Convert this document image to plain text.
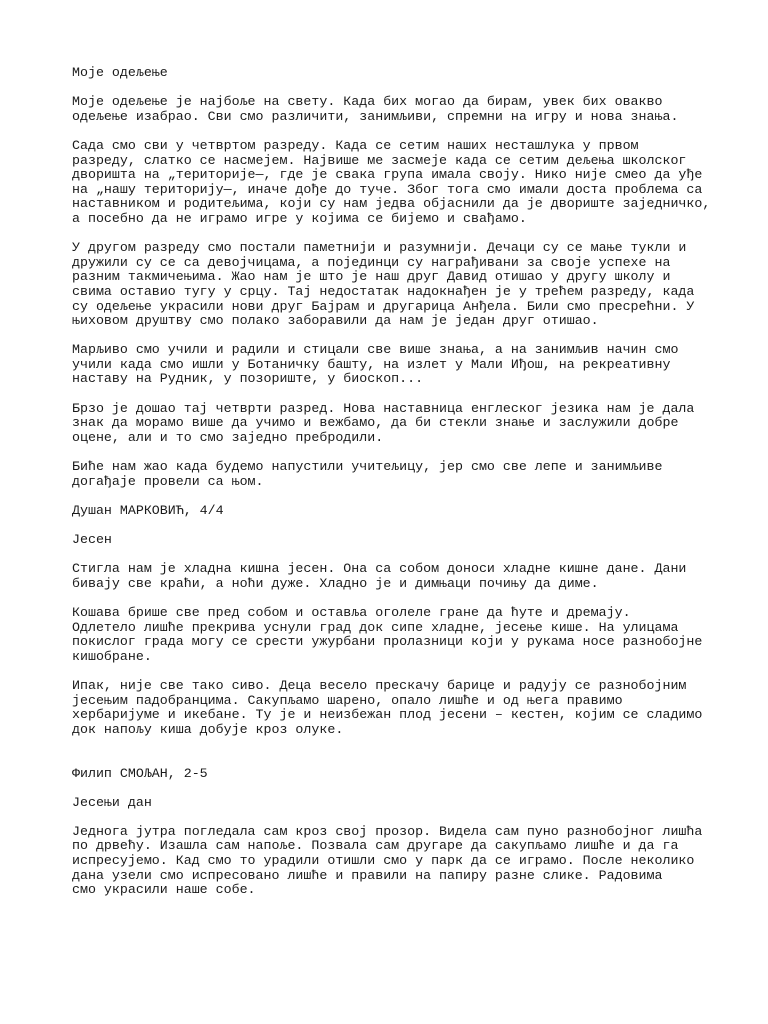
Моје одељење
Моје одељење је најбоље на свету. Када бих могао да бирам, увек бих овакво
одељење изабрао. Сви смо различити, занимљиви, спремни на игру и нова знања.
Сада смо сви у четвртом разреду. Када се сетим наших несташлука у првом
разреду, слатко се насмејем. Највише ме засмеје када се сетим дељења школског
дворишта на „територије—, где је свака група имала своју. Нико није смео да уђе
на „нашу територију—, иначе дође до туче. Због тога смо имали доста проблема са
наставником и родитељима, који су нам једва објаснили да је двориште заједничко,
а посебно да не играмо игре у којима се бијемо и свађамо.
У другом разреду смо постали паметнији и разумнији. Дечаци су се мање тукли и
дружили су се са девојчицама, а појединци су награђивани за своје успехе на
разним такмичењима. Жао нам је што је наш друг Давид отишао у другу школу и
свима оставио тугу у срцу. Тај недостатак надокнађен је у трећем разреду, када
су одељење украсили нови друг Бајрам и другарица Анђела. Били смо пресрећни. У
њиховом друштву смо полако заборавили да нам је један друг отишао.
Марљиво смо учили и радили и стицали све више знања, а на занимљив начин смо
учили када смо ишли у Ботаничку башту, на излет у Мали Иђош, на рекреативну
наставу на Рудник, у позориште, у биоскоп...
Брзо је дошао тај четврти разред. Нова наставница енглеског језика нам је дала
знак да морамо више да учимо и вежбамо, да би стекли знање и заслужили добре
оцене, али и то смо заједно пребродили.
Биће нам жао када будемо напустили учитељицу, јер смо све лепе и занимљиве
догађаје провели са њом.
Душан МАРКОВИЋ, 4/4
Јесен
Стигла нам је хладна кишна јесен. Она са собом доноси хладне кишне дане. Дани
бивају све краћи, а ноћи дуже. Хладно је и димњаци почињу да диме.
Кошава брише све пред собом и оставља оголеле гране да ћуте и дремају.
Одлетело лишће прекрива уснули град док сипе хладне, јесење кише. На улицама
покислог града могу се срести ужурбани пролазници који у рукама носе разнобојне
кишобране.
Ипак, није све тако сиво. Деца весело прескачу барице и радују се разнобојним
јесењим падобранцима. Сакупљамо шарено, опало лишће и од њега правимо
хербаријуме и икебане. Ту је и неизбежан плод јесени – кестен, којим се сладимо
док напољу киша добује кроз олуке.
Филип СМОЉАН, 2-5
Јесењи дан
Једнога јутра погледала сам кроз свој прозор. Видела сам пуно разнобојног лишћа
по дрвећу. Изашла сам напоље. Позвала сам другаре да сакупљамо лишће и да га
испресујемо. Кад смо то урадили отишли смо у парк да се играмо. После неколико
дана узели смо испресовано лишће и правили на папиру разне слике. Радовима
смо украсили наше собе.
